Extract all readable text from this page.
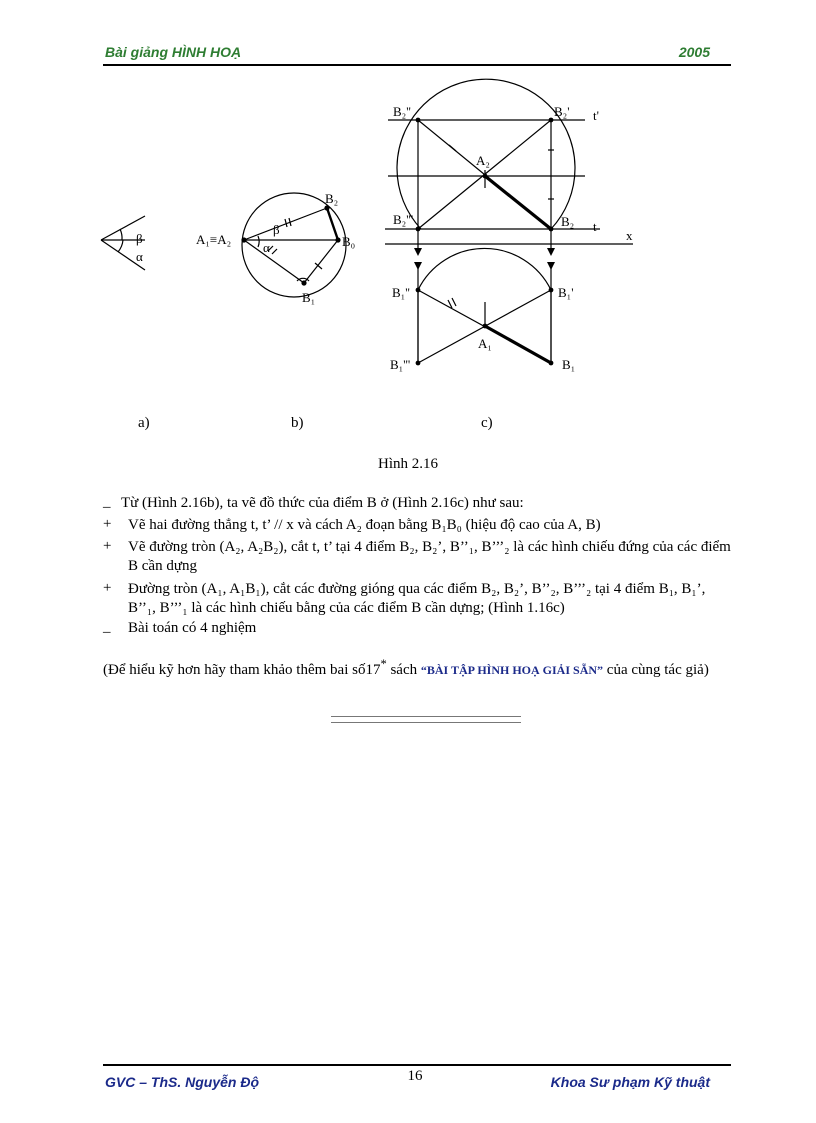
Bài giảng HÌNH HOẠ	2005
β
α
A₁≡A₂
B₂
B₀
B₁
α
β
B₂''	B₂' t'
A₂
B₂'''	B₂ t
x
B₁''	B₁'
A₁
B₁'''	B₁
a)	b)	c)
Hình 2.16
_ Từ (Hình 2.16b), ta vẽ đồ thức của điểm B ở (Hình 2.16c) như sau:
+ Vẽ hai đường thẳng t, t’ // x và cách A₂ đoạn bằng B₁B₀ (hiệu độ cao của A, B)
+ Vẽ đường tròn (A₂, A₂B₂), cắt t, t’ tại 4 điểm B₂, B₂’, B’’₁, B’’’₂ là các hình chiếu đứng của các điểm B cần dựng
+ Đường tròn (A₁, A₁B₁), cắt các đường gióng qua các điểm B₂, B₂’, B’’₂, B’’’₂ tại 4 điểm B₁, B₁’, B’’₁, B’’’₁ là các hình chiếu bằng của các điểm B cần dựng; (Hình 1.16c)
_ Bài toán có 4 nghiệm
(Để hiểu kỹ hơn hãy tham khảo thêm bai số17* sách “BÀI TẬP HÌNH HOẠ GIẢI SẴN” của cùng tác giả)
GVC – ThS. Nguyễn Độ	16	Khoa Sư phạm Kỹ thuật
